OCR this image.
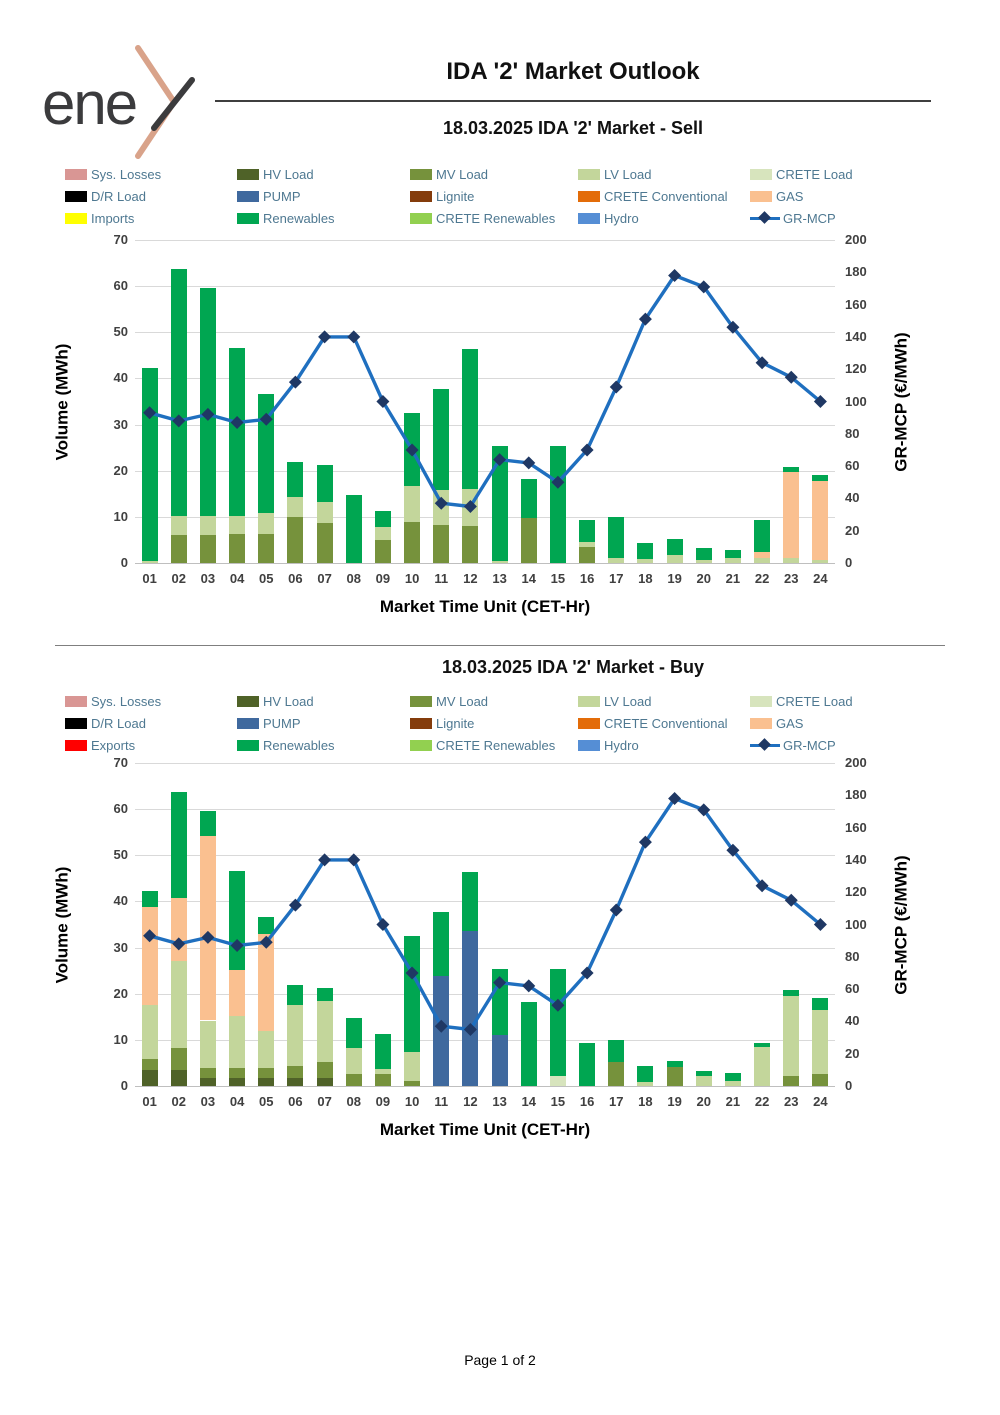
ene	IDA '2' Market Outlook
18.03.2025 IDA '2' Market - Sell
Sys. Losses	HV Load	MV Load	LV Load	CRETE Load
D/R Load	PUMP	Lignite	CRETE Conventional	GAS
Imports	Renewables	CRETE Renewables	Hydro	GR-MCP
70
60
50
40
30
20
10
0
200
180
160
140
120
100
80
60
40
20
0
01	02	03	04	05	06	07	08	09	10	11	12	13	14	15	16	17	18	19	20	21	22	23	24
Volume (MWh)	GR-MCP (€/MWh)
Market Time Unit (CET-Hr)
18.03.2025 IDA '2' Market - Buy
Sys. Losses	HV Load	MV Load	LV Load	CRETE Load
D/R Load	PUMP	Lignite	CRETE Conventional	GAS
Exports	Renewables	CRETE Renewables	Hydro	GR-MCP
70
60
50
40
30
20
10
0
200
180
160
140
120
100
80
60
40
20
0
01	02	03	04	05	06	07	08	09	10	11	12	13	14	15	16	17	18	19	20	21	22	23	24
Volume (MWh)	GR-MCP (€/MWh)
Market Time Unit (CET-Hr)
Page 1 of 2
